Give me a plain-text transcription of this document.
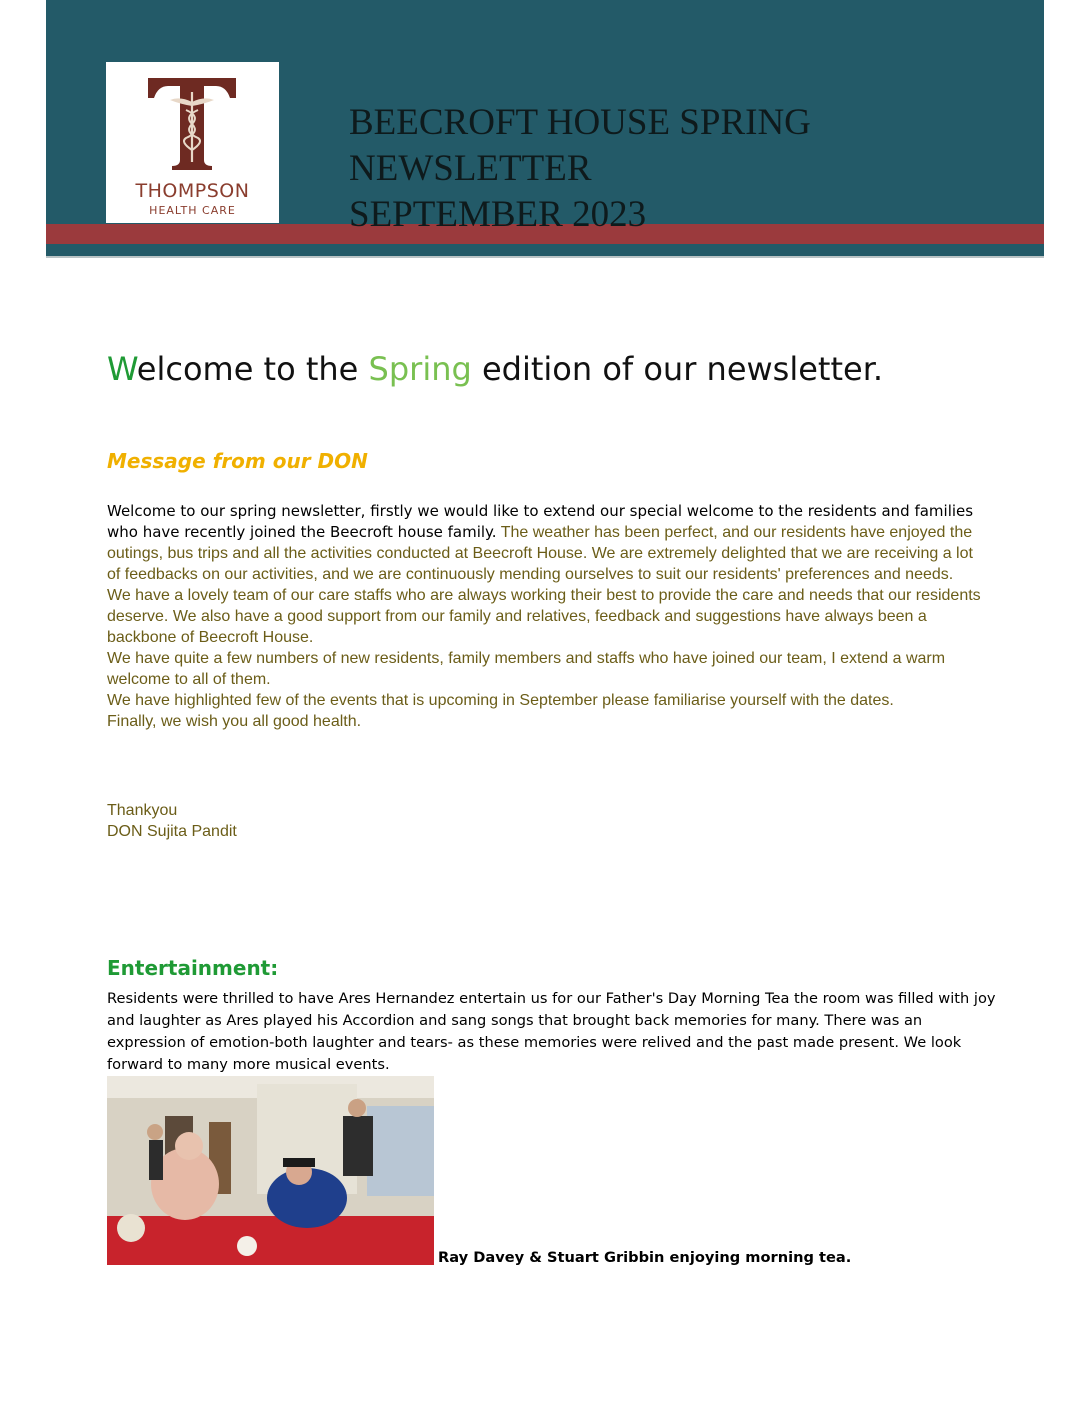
THOMPSON
HEALTH CARE
BEECROFT HOUSE SPRING
NEWSLETTER
SEPTEMBER 2023
Welcome to the Spring edition of our newsletter.
Message from our DON

Welcome to our spring newsletter, firstly we would like to extend our special welcome to the residents and families who have recently joined the Beecroft house family. The weather has been perfect, and our residents have enjoyed the outings, bus trips and all the activities conducted at Beecroft House. We are extremely delighted that we are receiving a lot of feedbacks on our activities, and we are continuously mending ourselves to suit our residents' preferences and needs.

We have a lovely team of our care staffs who are always working their best to provide the care and needs that our residents deserve. We also have a good support from our family and relatives, feedback and suggestions have always been a backbone of Beecroft House.

We have quite a few numbers of new residents, family members and staffs who have joined our team, I extend a warm welcome to all of them.

We have highlighted few of the events that is upcoming in September please familiarise yourself with the dates.

Finally, we wish you all good health.

Thankyou
DON Sujita Pandit
Entertainment:
Residents were thrilled to have Ares Hernandez entertain us for our Father's Day Morning Tea the room was filled with joy and laughter as Ares played his Accordion and sang songs that brought back memories for many. There was an expression of emotion-both laughter and tears- as these memories were relived and the past made present. We look forward to many more musical events.
Ray Davey & Stuart Gribbin enjoying morning tea.
